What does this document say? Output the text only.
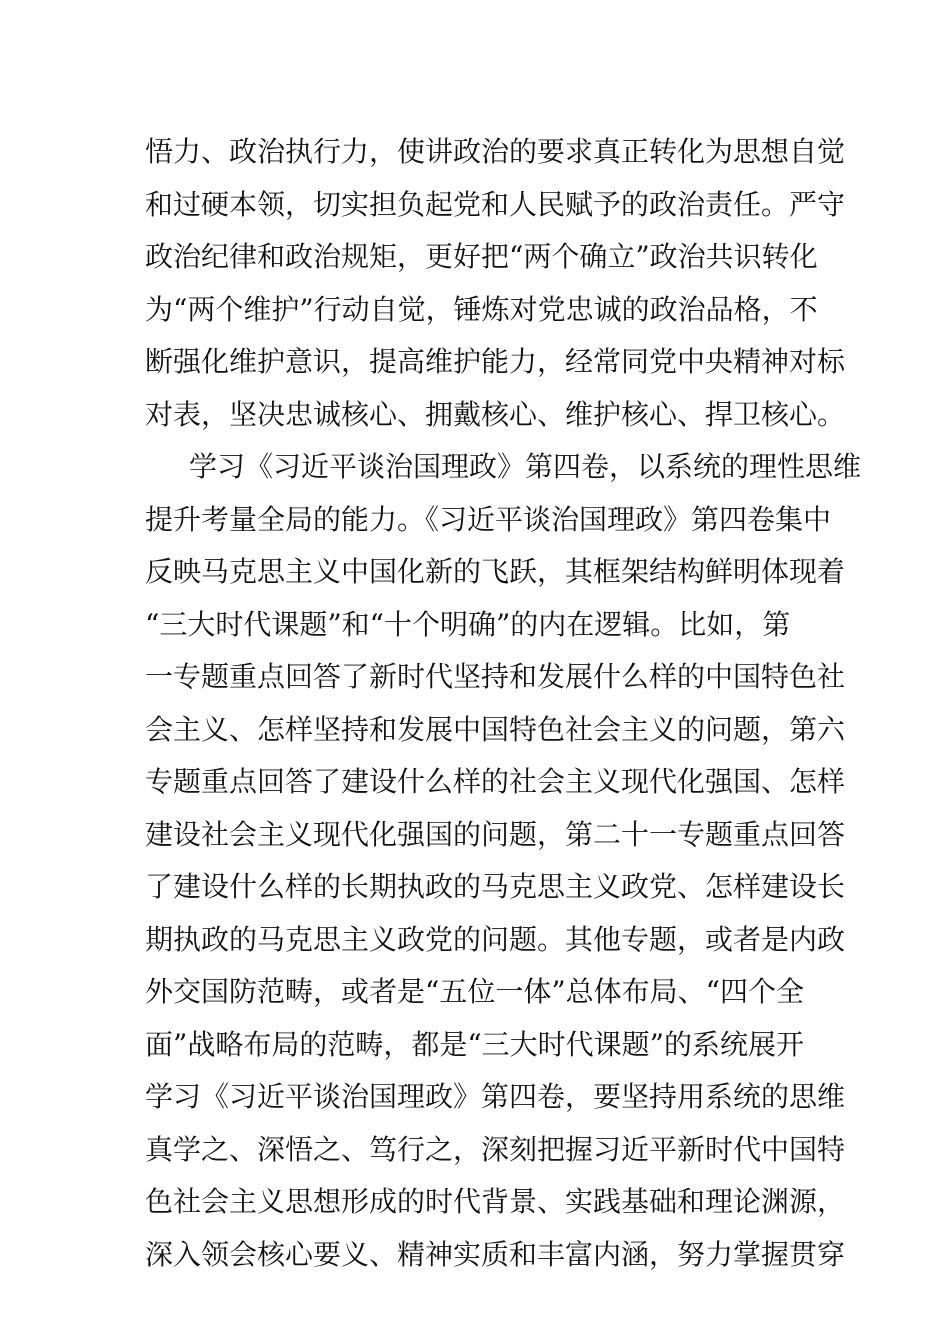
悟力、政治执行力，使讲政治的要求真正转化为思想自觉
和过硬本领，切实担负起党和人民赋予的政治责任。严守
政治纪律和政治规矩，更好把“两个确立”政治共识转化
为“两个维护”行动自觉，锤炼对党忠诚的政治品格，不
断强化维护意识，提高维护能力，经常同党中央精神对标
对表，坚决忠诚核心、拥戴核心、维护核心、捍卫核心。
学习《习近平谈治国理政》第四卷，以系统的理性思维
提升考量全局的能力。《习近平谈治国理政》第四卷集中
反映马克思主义中国化新的飞跃，其框架结构鲜明体现着
“三大时代课题”和“十个明确”的内在逻辑。比如，第
一专题重点回答了新时代坚持和发展什么样的中国特色社
会主义、怎样坚持和发展中国特色社会主义的问题，第六
专题重点回答了建设什么样的社会主义现代化强国、怎样
建设社会主义现代化强国的问题，第二十一专题重点回答
了建设什么样的长期执政的马克思主义政党、怎样建设长
期执政的马克思主义政党的问题。其他专题，或者是内政
外交国防范畴，或者是“五位一体”总体布局、“四个全
面”战略布局的范畴，都是“三大时代课题”的系统展开
学习《习近平谈治国理政》第四卷，要坚持用系统的思维
真学之、深悟之、笃行之，深刻把握习近平新时代中国特
色社会主义思想形成的时代背景、实践基础和理论渊源，
深入领会核心要义、精神实质和丰富内涵，努力掌握贯穿
